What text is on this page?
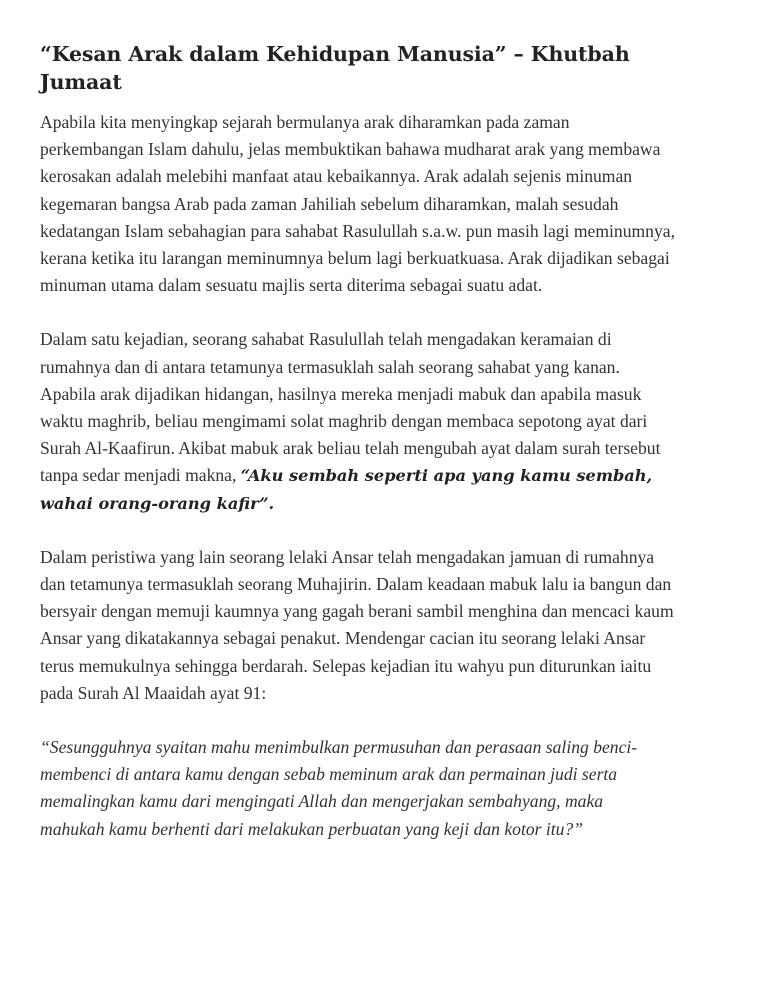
“Kesan Arak dalam Kehidupan Manusia” – Khutbah
Jumaat
Apabila kita menyingkap sejarah bermulanya arak diharamkan pada zaman
perkembangan Islam dahulu, jelas membuktikan bahawa mudharat arak yang membawa
kerosakan adalah melebihi manfaat atau kebaikannya. Arak adalah sejenis minuman
kegemaran bangsa Arab pada zaman Jahiliah sebelum diharamkan, malah sesudah
kedatangan Islam sebahagian para sahabat Rasulullah s.a.w. pun masih lagi meminumnya,
kerana ketika itu larangan meminumnya belum lagi berkuatkuasa. Arak dijadikan sebagai
minuman utama dalam sesuatu majlis serta diterima sebagai suatu adat.
Dalam satu kejadian, seorang sahabat Rasulullah telah mengadakan keramaian di
rumahnya dan di antara tetamunya termasuklah salah seorang sahabat yang kanan.
Apabila arak dijadikan hidangan, hasilnya mereka menjadi mabuk dan apabila masuk
waktu maghrib, beliau mengimami solat maghrib dengan membaca sepotong ayat dari
Surah Al-Kaafirun. Akibat mabuk arak beliau telah mengubah ayat dalam surah tersebut
tanpa sedar menjadi makna, “Aku sembah seperti apa yang kamu sembah,
wahai orang-orang kafir”.
Dalam peristiwa yang lain seorang lelaki Ansar telah mengadakan jamuan di rumahnya
dan tetamunya termasuklah seorang Muhajirin. Dalam keadaan mabuk lalu ia bangun dan
bersyair dengan memuji kaumnya yang gagah berani sambil menghina dan mencaci kaum
Ansar yang dikatakannya sebagai penakut. Mendengar cacian itu seorang lelaki Ansar
terus memukulnya sehingga berdarah. Selepas kejadian itu wahyu pun diturunkan iaitu
pada Surah Al Maaidah ayat 91:
“Sesungguhnya syaitan mahu menimbulkan permusuhan dan perasaan saling benci-
membenci di antara kamu dengan sebab meminum arak dan permainan judi serta
memalingkan kamu dari mengingati Allah dan mengerjakan sembahyang, maka
mahukah kamu berhenti dari melakukan perbuatan yang keji dan kotor itu?”
